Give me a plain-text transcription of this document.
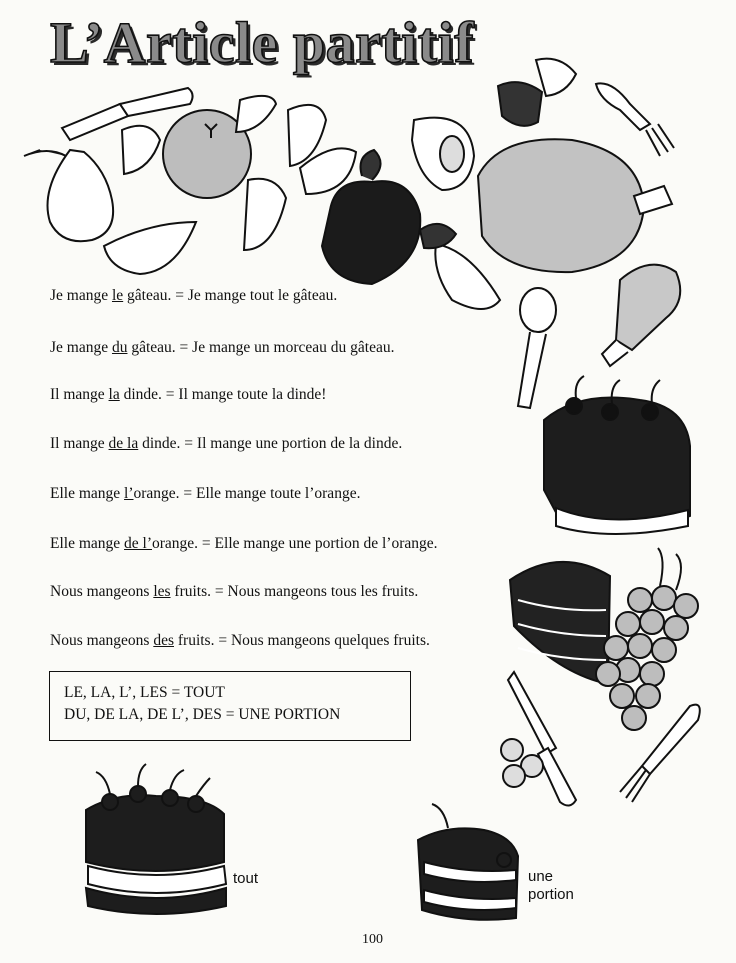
L’Article partitif

Je mange le gâteau. = Je mange tout le gâteau.

Je mange du gâteau. = Je mange un morceau du gâteau.

Il mange la dinde. = Il mange toute la dinde!

Il mange de la dinde. = Il mange une portion de la dinde.

Elle mange l’orange. = Elle mange toute l’orange.

Elle mange de l’orange. = Elle mange une portion de l’orange.

Nous mangeons les fruits. = Nous mangeons tous les fruits.

Nous mangeons des fruits. = Nous mangeons quelques fruits.

LE, LA, L’, LES = TOUT
DU, DE LA, DE L’, DES = UNE PORTION
tout	une
portion
100
